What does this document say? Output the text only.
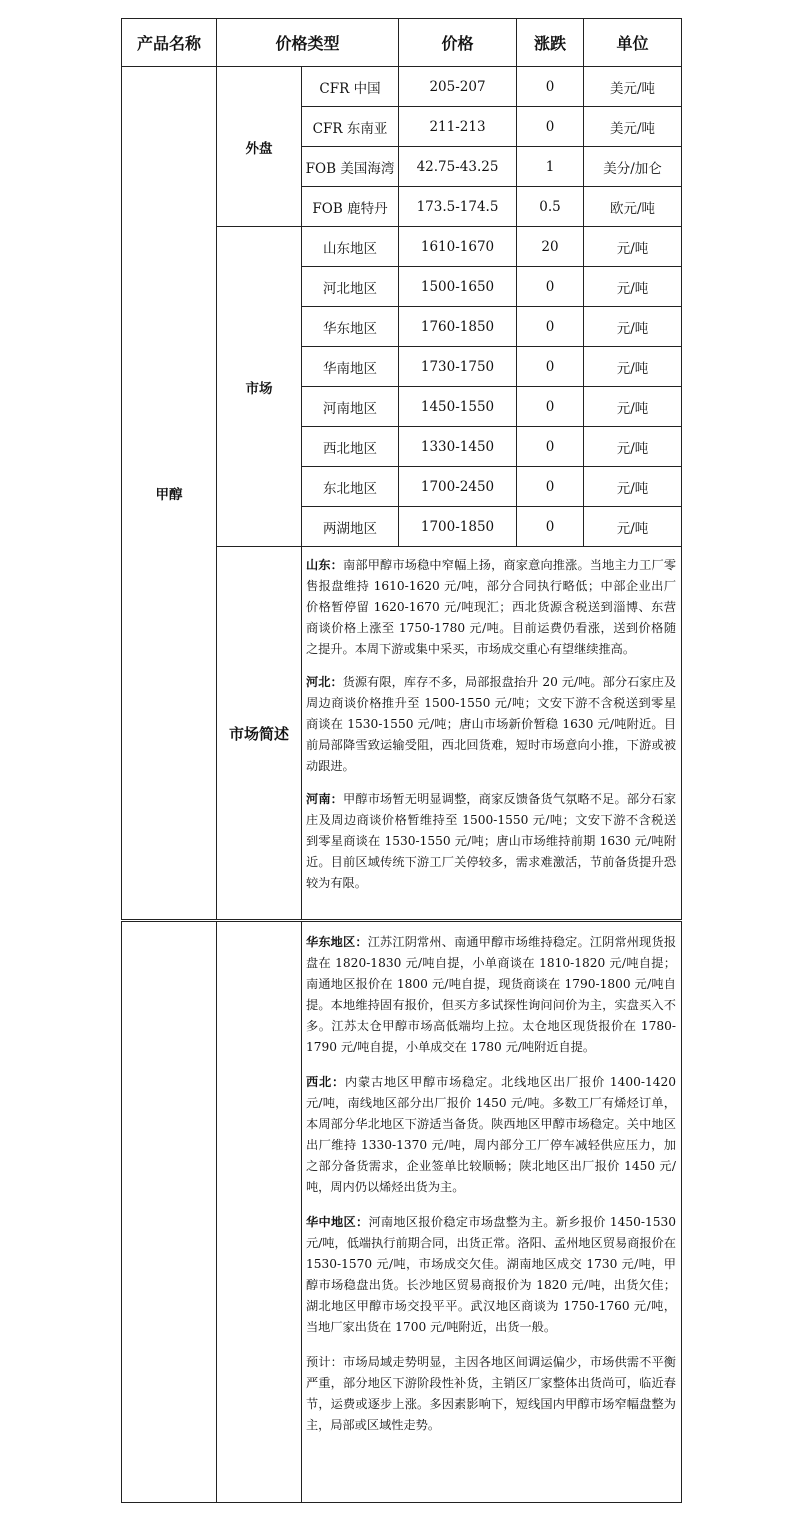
产品名称	价格类型		价格	涨跌	单位
甲醇	外盘	CFR 中国	205-207	0	美元/吨
		CFR 东南亚	211-213	0	美元/吨
		FOB 美国海湾	42.75-43.25	1	美分/加仑
		FOB 鹿特丹	173.5-174.5	0.5	欧元/吨
	市场	山东地区	1610-1670	20	元/吨
		河北地区	1500-1650	0	元/吨
		华东地区	1760-1850	0	元/吨
		华南地区	1730-1750	0	元/吨
		河南地区	1450-1550	0	元/吨
		西北地区	1330-1450	0	元/吨
		东北地区	1700-2450	0	元/吨
		两湖地区	1700-1850	0	元/吨
	市场简述	山东：南部甲醇市场稳中窄幅上扬，商家意向推涨。当地主力工厂零售报盘维持 1610-1620 元/吨，部分合同执行略低；中部企业出厂价格暂停留 1620-1670 元/吨现汇；西北货源含税送到淄博、东营商谈价格上涨至 1750-1780 元/吨。目前运费仍看涨，送到价格随之提升。本周下游或集中采买，市场成交重心有望继续推高。

河北：货源有限，库存不多，局部报盘抬升 20 元/吨。部分石家庄及周边商谈价格推升至 1500-1550 元/吨；文安下游不含税送到零星商谈在 1530-1550 元/吨；唐山市场新价暂稳 1630 元/吨附近。目前局部降雪致运输受阻，西北回货难，短时市场意向小推，下游或被动跟进。

河南：甲醇市场暂无明显调整，商家反馈备货气氛略不足。部分石家庄及周边商谈价格暂维持至 1500-1550 元/吨；文安下游不含税送到零星商谈在 1530-1550 元/吨；唐山市场维持前期 1630 元/吨附近。目前区域传统下游工厂关停较多，需求难激活，节前备货提升恐较为有限。			

华东地区：江苏江阴常州、南通甲醇市场维持稳定。江阴常州现货报盘在 1820-1830 元/吨自提，小单商谈在 1810-1820 元/吨自提；南通地区报价在 1800 元/吨自提，现货商谈在 1790-1800 元/吨自提。本地维持固有报价，但买方多试探性询问问价为主，实盘买入不多。江苏太仓甲醇市场高低端均上拉。太仓地区现货报价在 1780-1790 元/吨自提，小单成交在 1780 元/吨附近自提。

西北：内蒙古地区甲醇市场稳定。北线地区出厂报价 1400-1420 元/吨，南线地区部分出厂报价 1450 元/吨。多数工厂有烯烃订单，本周部分华北地区下游适当备货。陕西地区甲醇市场稳定。关中地区出厂维持 1330-1370 元/吨，周内部分工厂停车减轻供应压力，加之部分备货需求，企业签单比较顺畅；陕北地区出厂报价 1450 元/吨，周内仍以烯烃出货为主。

华中地区：河南地区报价稳定市场盘整为主。新乡报价 1450-1530 元/吨，低端执行前期合同，出货正常。洛阳、孟州地区贸易商报价在 1530-1570 元/吨，市场成交欠佳。湖南地区成交 1730 元/吨，甲醇市场稳盘出货。长沙地区贸易商报价为 1820 元/吨，出货欠佳；湖北地区甲醇市场交投平平。武汉地区商谈为 1750-1760 元/吨，当地厂家出货在 1700 元/吨附近，出货一般。

预计：市场局域走势明显，主因各地区间调运偏少，市场供需不平衡严重，部分地区下游阶段性补货，主销区厂家整体出货尚可，临近春节，运费或逐步上涨。多因素影响下，短线国内甲醇市场窄幅盘整为主，局部或区域性走势。
